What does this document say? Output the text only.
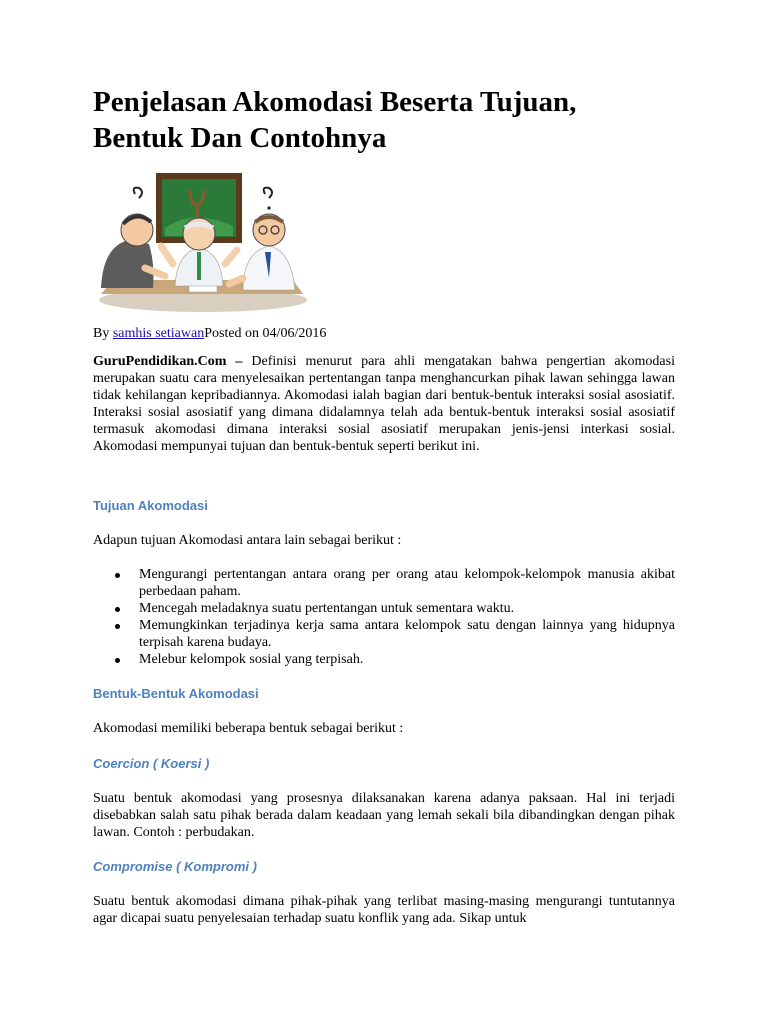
Penjelasan Akomodasi Beserta Tujuan,
Bentuk Dan Contohnya
By samhis setiawanPosted on 04/06/2016

GuruPendidikan.Com – Definisi menurut para ahli mengatakan bahwa pengertian akomodasi merupakan suatu cara menyelesaikan pertentangan tanpa menghancurkan pihak lawan sehingga lawan tidak kehilangan kepribadiannya. Akomodasi ialah bagian dari bentuk-bentuk interaksi sosial asosiatif. Interaksi sosial asosiatif yang dimana didalamnya telah ada bentuk-bentuk interaksi sosial asosiatif termasuk akomodasi dimana interaksi sosial asosiatif merupakan jenis-jensi interkasi sosial. Akomodasi mempunyai tujuan dan bentuk-bentuk seperti berikut ini.

Tujuan Akomodasi

Adapun tujuan Akomodasi antara lain sebagai berikut :

Mengurangi pertentangan antara orang per orang atau kelompok-kelompok manusia akibat perbedaan paham.
Mencegah meladaknya suatu pertentangan untuk sementara waktu.
Memungkinkan terjadinya kerja sama antara kelompok satu dengan lainnya yang hidupnya terpisah karena budaya.
Melebur kelompok sosial yang terpisah.
Bentuk-Bentuk Akomodasi

Akomodasi memiliki beberapa bentuk sebagai berikut :

Coercion ( Koersi )

Suatu bentuk akomodasi yang prosesnya dilaksanakan karena adanya paksaan. Hal ini terjadi disebabkan salah satu pihak berada dalam keadaan yang lemah sekali bila dibandingkan dengan pihak lawan. Contoh : perbudakan.

Compromise ( Kompromi )

Suatu bentuk akomodasi dimana pihak-pihak yang terlibat masing-masing mengurangi tuntutannya agar dicapai suatu penyelesaian terhadap suatu konflik yang ada. Sikap untuk
